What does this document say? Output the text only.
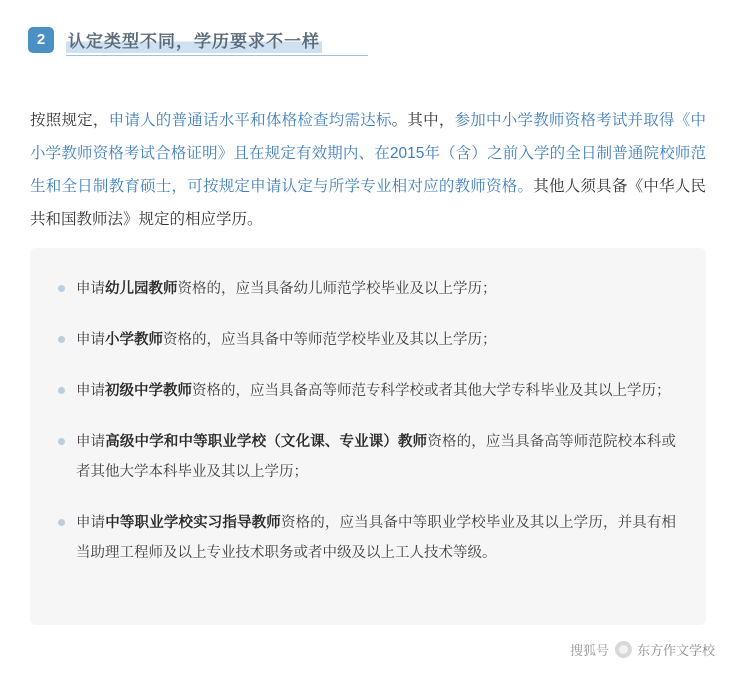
2	认定类型不同，学历要求不一样

按照规定，申请人的普通话水平和体格检查均需达标。其中，参加中小学教师资格考试并取得《中小学教师资格考试合格证明》且在规定有效期内、在2015年（含）之前入学的全日制普通院校师范生和全日制教育硕士，可按规定申请认定与所学专业相对应的教师资格。其他人须具备《中华人民共和国教师法》规定的相应学历。

申请幼儿园教师资格的，应当具备幼儿师范学校毕业及以上学历；
申请小学教师资格的，应当具备中等师范学校毕业及其以上学历；
申请初级中学教师资格的，应当具备高等师范专科学校或者其他大学专科毕业及其以上学历；
申请高级中学和中等职业学校（文化课、专业课）教师资格的，应当具备高等师范院校本科或者其他大学本科毕业及其以上学历；
申请中等职业学校实习指导教师资格的，应当具备中等职业学校毕业及其以上学历，并具有相当助理工程师及以上专业技术职务或者中级及以上工人技术等级。
搜狐号 东方作文学校
